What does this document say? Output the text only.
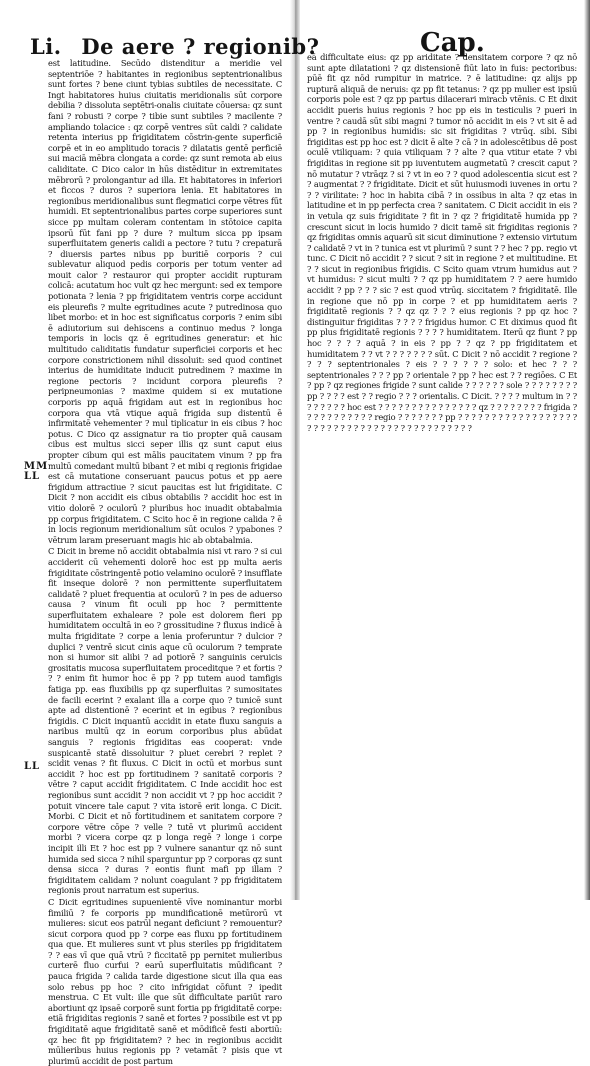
Li. De aere ? regionib?	Cap.
MM
LL
LL

est latitudine. Secūdo distenditur a meridie vel septentriōe ? habitantes in regionibus septentrionalibus sunt fortes ? bene ciunt tybias subtiles de necessitate. C Ingt habitatores huius ciuitatis meridionalis sūt corpore debilia ? dissoluta septētri-onalis ciuitate cōuersa: qz sunt fani ? robusti ? corpe ? tibie sunt subtiles ? macilente ? ampliando tolacice : qz corpē ventres sūt caldi ? calidate retenta interius pp frigiditatem cōstrin-gente superficiē corpē et in eo amplitudo toracis ? dilatatis gentē perficiē sui maciā mēbra clongata a corde: qz sunt remota ab eius caliditate. C Dico calor in hūs distēditur in extremitates mēbrorū ? prolongantur ad illa. Et habitatores in inferiori et ficcos ? duros ? superiora lenia. Et habitatores in regionibus meridionalibus sunt flegmatici corpe vētres fūt humidi. Et septentrionalibus partes corpe superiores sunt sicce pp multam coleram contentam in stōtoice capita ipsorū fūt fani pp ? dure ? multum sicca pp ipsam superfluitatem generis calidi a pectore ? tutu ? crepaturā ? diuersis partes nibus pp buritiē corporis ? cui sublevatur aliquod pedis corporis per totum venter ad mouit calor ? restauror qui propter accidit rupturam colicā: acutatum hoc vult qz hec mergunt: sed ex tempore potionata ? lenia ? pp frigiditatem ventris corpe accidunt eis pleurefis ? multe egritudines acute ? putredinosa quo libet morbo: et in hoc est significatus corporis ? enim sibi ē adiutorium sui dehiscens a continuo medus ? longa temporis in locis qz ē egritudines generatur: et hic multitudo caliditatis fundatur superficiei corporis et hec corpore constrictionem nihil dissoluit: sed quod continet interius de humiditate inducit putredinem ? maxime in regione pectoris ? incidunt corpora pleurefis ? peripneumonias ? maxime quidem si ex mutatione corporis pp aquā frigidam aut est in regionibus hoc corpora qua vtā vtique aquā frigida sup distentū ē infirmitatē vehementer ? mul tiplicatur in eis cibus ? hoc potus. C Dico qz assignatur ra tio propter quā causam cibus est multus sicci seper illis qz sunt caput eius propter cibum qui est mālis paucitatem vinum ? pp fra multū comedant multū bibant ? et mibi q regionis frigidae est cā mutatione conseruant paucus potus et pp aere frigidum attractiue ? sicut paucitas est lut frigiditate. C Dicit ? non accidit eis cibus obtabilis ? accidit hoc est in vitio dolorē ? oculorū ? pluribus hoc inuadit obtabalmia pp corpus frigiditatem. C Scito hoc ē in regione calida ? ē in locis regionum meridionalium sūt oculos ? ypabones ? vētrum laram preseruant magis hic ab obtabalmia.

C Dicit in breme nō accidit obtabalmia nisi vt raro ? si cui acciderit cū vehementi dolorē hoc est pp multa aeris frigiditate cōstringentē potio velamino oculorē ? insufflate fit inseque dolorē ? non permittente superfluitatem calidatē ? pluet frequentia at oculorū ? in pes de aduerso causa ? vinum fit oculi pp hoc ? permittente superfluitatem exhaleare ? pole est dolorem fieri pp humiditatem occultā in eo ? grossitudine ? fluxus indicē à multa frigiditate ? corpe a lenia proferuntur ? dulcior ? duplici ? ventrē sicut cinis aque cū oculorum ? temprate non si humor sit alibi ? ad potiorē ? sanguinis ceruicis grositatis mucosa superfluitatem proceditque ? et fortis ? ? ? enim fit humor hoc ē pp ? pp tutem auod tamfigis fatiga pp. eas fluxibilis pp qz superfluitas ? sumositates de facili ecerint ? exalant illa a corpe quo ? tunicē sunt apte ad distentionē ? ecerint et in egibus ? regionibus frigidis. C Dicit inquantū accidit in etate fluxu sanguis a naribus multū qz in eorum corporibus plus abūdat sanguis ? regionis frigiditas eas cooperat: vnde suspicantē statē dissoluitur ? pluet cerebri ? replet ? scidit venas ? fit fluxus. C Dicit in octū et morbus sunt accidit ? hoc est pp fortitudinem ? sanitatē corporis ? vētre ? caput accidit frigiditatem. C Inde accidit hoc est regionibus sunt accidit ? non accidit vt ? pp hoc accidit ? potuit vincere tale caput ? vita istorē erit longa. C Dicit. Morbi. C Dicit et nō fortitudinem et sanitatem corpore ? corpore vētre cōpe ? velle ? tutē vt plurimū accident morbi ? vicera corpe qz p longa regē ? longe i corpe incipit illi Et ? hoc est pp ? vulnere sanantur qz nō sunt humida sed sicca ? nihil sparguntur pp ? corporas qz sunt densa sicca ? duras ? eontis fiunt mafi pp illam ? frigiditatem calidam ? nolunt coagulant ? pp frigiditatem regionis prout narratum est superius.

C Dicit egritudines supuenientē vīve nominantur morbi fimiliū ? fe corporis pp mundificationē metūrorū vt mulieres: sicut eos patrūl negant deficiunt ? remouentur? sicut corpora quod pp ? corpe eas fluxu pp fortitudinem qua que. Et mulieres sunt vt plus steriles pp frigiditatem ? ? eas vī que quā vtrū ? ficcitatē pp pernitet mulieribus curterē fluo curfui ? earū superfluitatis mūdificant ? pauca frigida ? calida tarde digestione sicut illa qua eas solo rebus pp hoc ? cito infrigidat cōfunt ? ipedit menstrua. C Et vult: ille que sūt difficultate pariūt raro abortiunt qz ipsaē corporē sunt fortia pp frigiditatē corpe: etiā frigiditas regionis ? sanē et fortes ? possibile est vt pp frigiditatē aque frigiditatē sanē et mōdificē festi abortiū: qz hec fit pp frigiditatem? ? hec in regionibus accidit mūlieribus huius regionis pp ? vetamāt ? pisis que vt plurimū accidit de post partum

eā difficultate eius: qz pp ariditate ? densitatem corpore ? qz nō sunt apte dilatationi ? qz distensionē fiūt lato in fuis: pectoribus: pūē fit qz nōd rumpitur in matrice. ? ē latitudine: qz alijs pp rupturā aliquā de neruis: qz pp fit tetanus: ? qz pp mulier est ipsiū corporis pole est ? qz pp partus dilacerari miracb vtēnis. C Et dixit accidit pueris huius regionis ? hoc pp eis in testiculis ? pueri in ventre ? caudā sūt sibi magni ? tumor nō accidit in eis ? vt sit ē ad pp ? in regionibus humidis: sic sit frigiditas ? vtrūq. sibi. Sibi frigiditas est pp hoc est ? dicit ē alte ? cā ? in adolescētibus dē post oculē vtiliquam: ? quia vtiliquam ? ? alte ? qua vtitur etate ? vbi frigiditas in regione sit pp iuventutem augmetatū ? crescit caput ? nō mutatur ? vtrāqz ? si ? vt in eo ? ? quod adolescentia sicut est ? ? augmentat ? ? frigiditate. Dicit et sūt huiusmodi iuvenes in ortu ? ? ? virilitate: ? hoc in habita cibā ? in ossibus in alta ? qz etas in latitudine et in pp perfecta crea ? sanitatem. C Dicit accidit in eis ? in vetula qz suis frigiditate ? fit in ? qz ? frigiditatē humida pp ? crescunt sicut in locis humido ? dicit tamē sit frigiditas regionis ? qz frigiditas omnis aquarū sit sicut diminutione ? extensio virtutum ? calidatē ? vt in ? tunica est vt plurimū ? sunt ? ? hec ? pp. regio vt tunc. C Dicit nō accidit ? ? sicut ? sit in regione ? et multitudine. Et ? ? sicut in regionibus frigidis. C Scito quam vtrum humidus aut ? vt humidus: ? sicut multi ? ? qz pp humiditatem ? ? aere humido accidit ? pp ? ? ? sic ? est quod vtrūq. siccitatem ? frigiditatē. Ille in regione que nō pp in corpe ? et pp humiditatem aeris ? frigiditatē regionis ? ? qz qz ? ? ? eius regionis ? pp qz hoc ? distinguitur frigiditas ? ? ? ? frigidus humor. C Et diximus quod fit pp plus frigiditatē regionis ? ? ? ? humiditatem. Iterū qz fiunt ? pp hoc ? ? ? ? aquā ? in eis ? pp ? ? qz ? pp frigiditatem et humiditatem ? ? vt ? ? ? ? ? ? ? sūt. C Dicit ? nō accidit ? regione ? ? ? ? septentrionales ? eis ? ? ? ? ? ? solo: et hec ? ? ? septentrionales ? ? ? pp ? orientale ? pp ? hec est ? ? regiōes. C Et ? pp ? qz regiones frigide ? sunt calide ? ? ? ? ? ? sole ? ? ? ? ? ? ? ? pp ? ? ? ? est ? ? regio ? ? ? orientalis. C Dicit. ? ? ? ? multum in ? ? ? ? ? ? ? ? hoc est ? ? ? ? ? ? ? ? ? ? ? ? ? ? ? qz ? ? ? ? ? ? ? ? frigida ? ? ? ? ? ? ? ? ? ? ? regio ? ? ? ? ? ? ? pp ? ? ? ? ? ? ? ? ? ? ? ? ? ? ? ? ? ? ? ? ? ? ? ? ? ? ? ? ? ? ? ? ? ? ? ? ? ? ? ? ? ? ?
